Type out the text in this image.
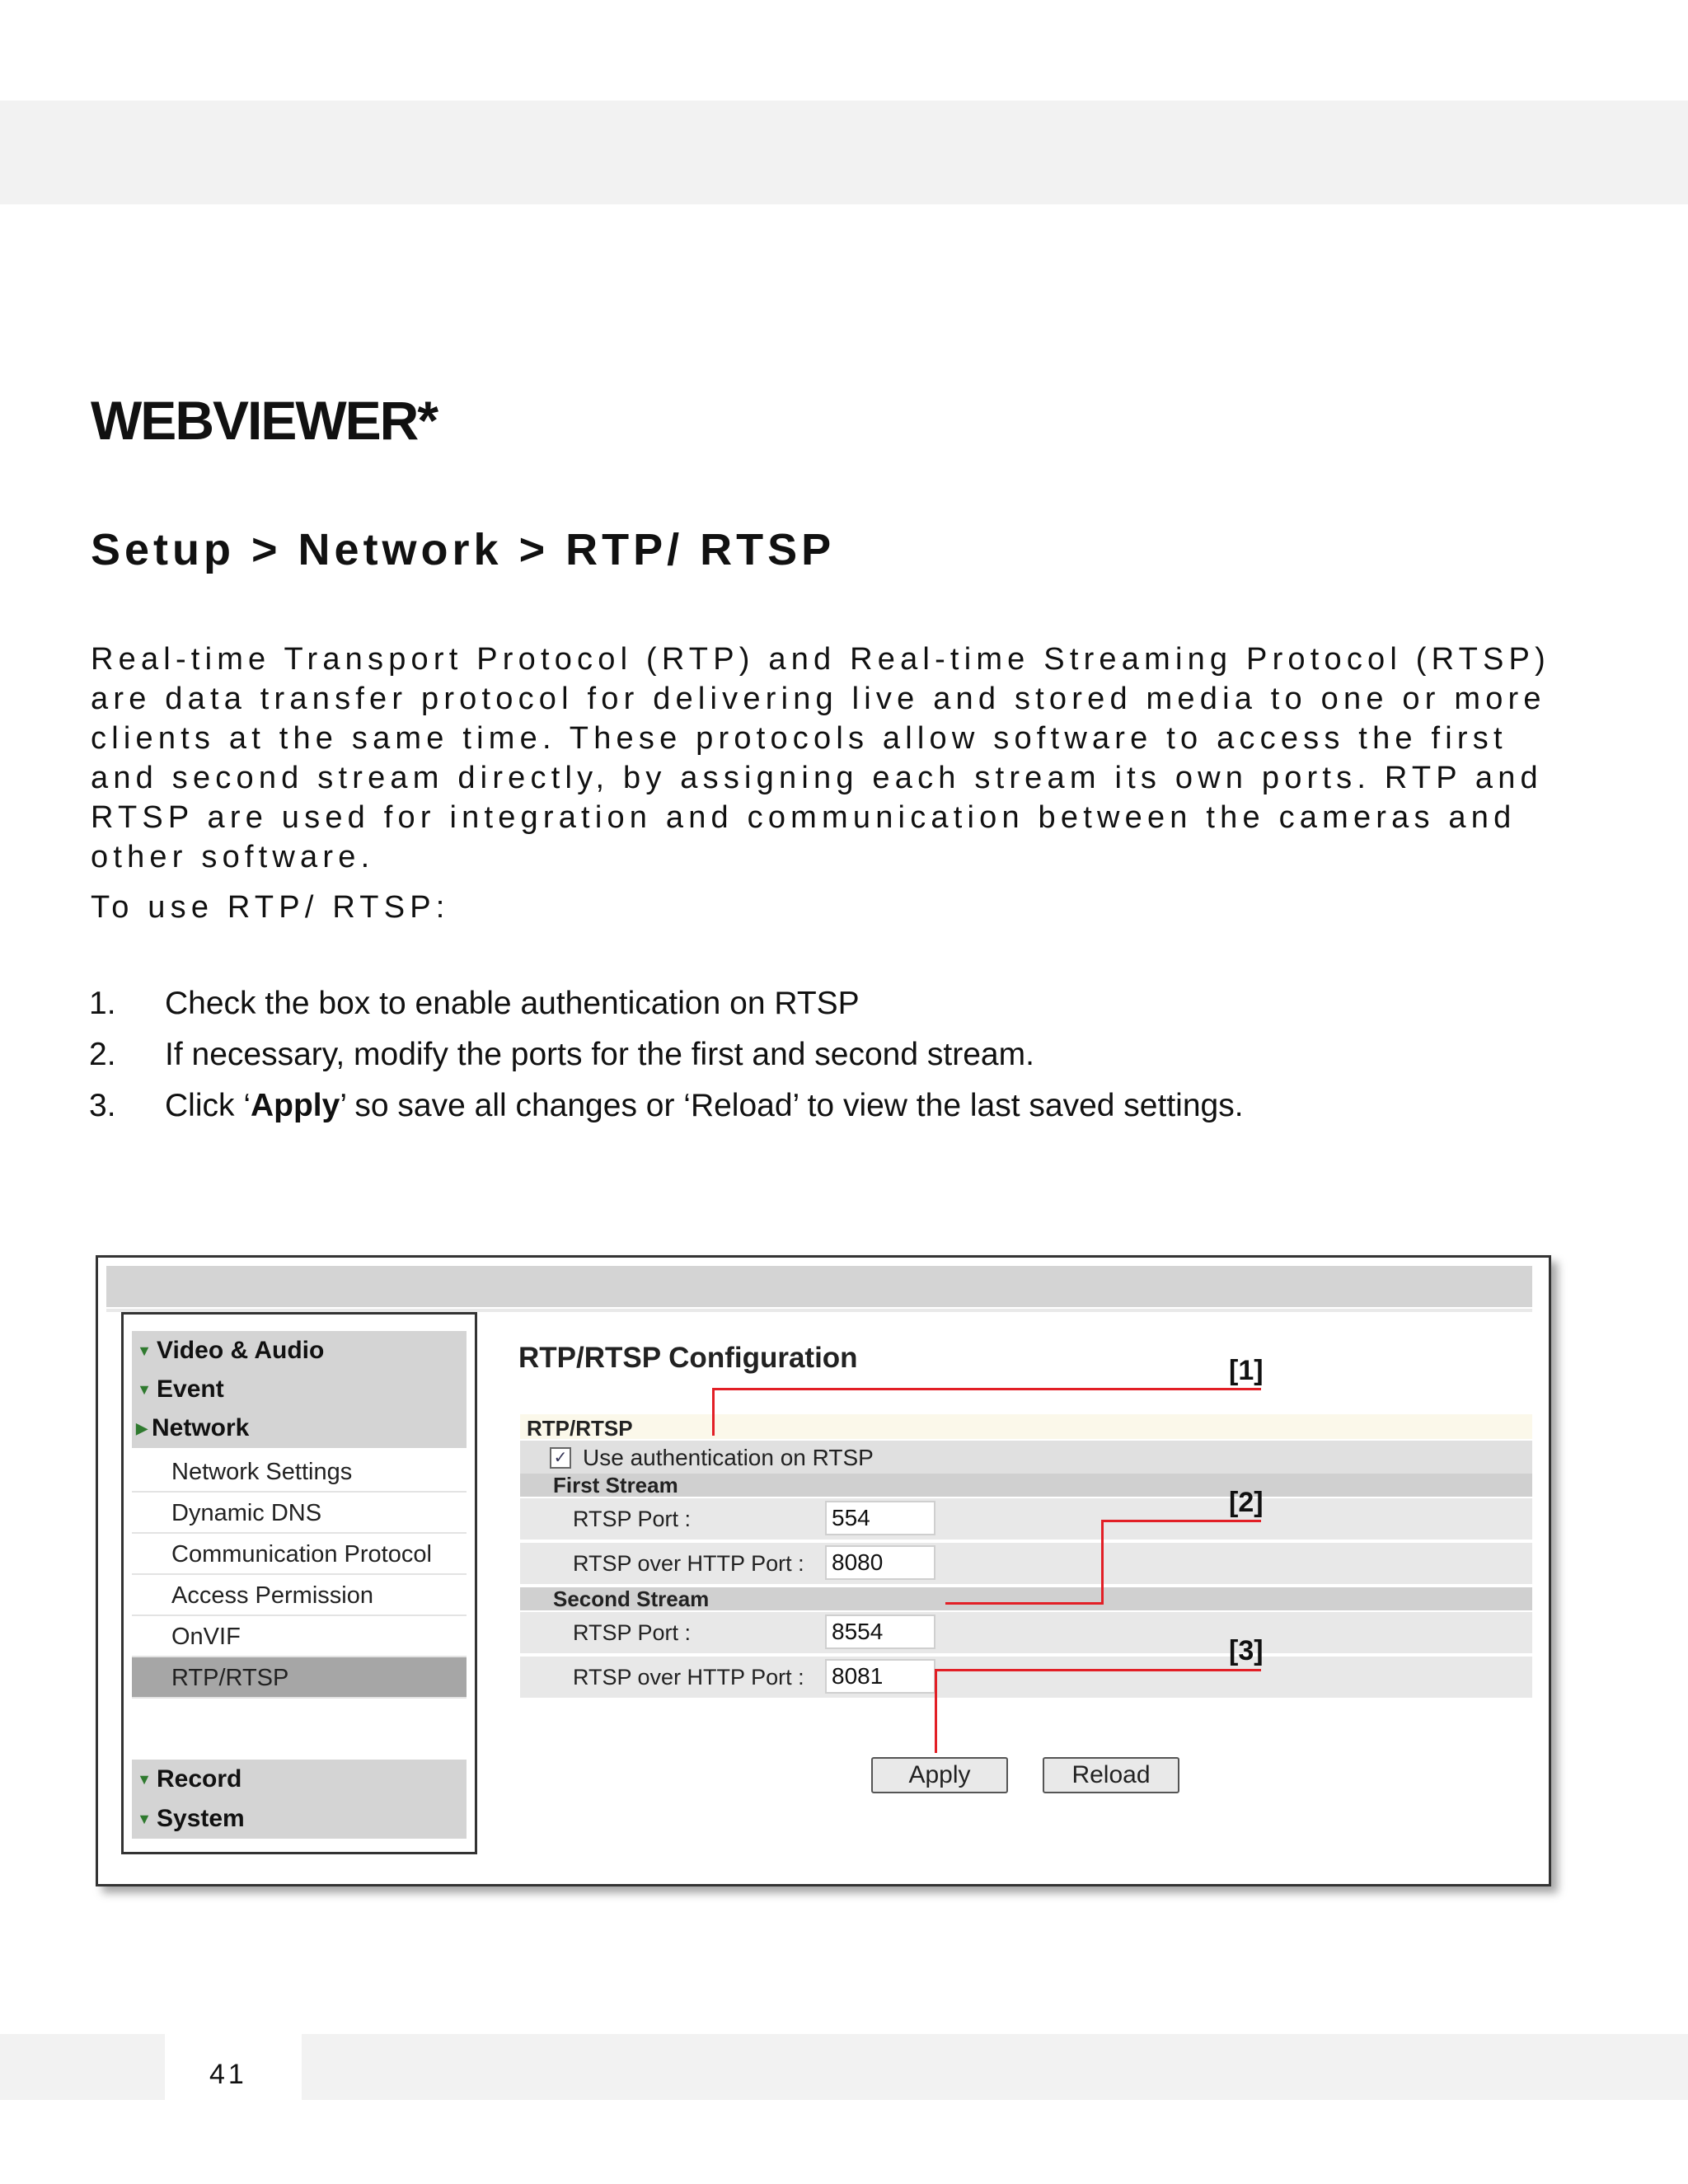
WEBVIEWER*
Setup > Network > RTP/ RTSP

Real-time Transport Protocol (RTP) and Real-time Streaming Protocol (RTSP) are data transfer protocol for delivering live and stored media to one or more clients at the same time. These protocols allow software to access the first and second stream directly, by assigning each stream its own ports. RTP and RTSP are used for integration and communication between the cameras and other software.

To use RTP/ RTSP:

1. Check the box to enable authentication on RTSP
2. If necessary, modify the ports for the first and second stream.
3. Click ‘Apply’ so save all changes or ‘Reload’ to view the last saved settings.
▼ Video & Audio
▼ Event
▶ Network
Network Settings
Dynamic DNS
Communication Protocol
Access Permission
OnVIF
RTP/RTSP
▼ Record
▼ System
RTP/RTSP Configuration
RTP/RTSP
✓ Use authentication on RTSP
First Stream
RTSP Port :
554
RTSP over HTTP Port :
8080
Second Stream
RTSP Port :
8554
RTSP over HTTP Port :
8081
Apply	Reload
[1]
[2]
[3]
41
